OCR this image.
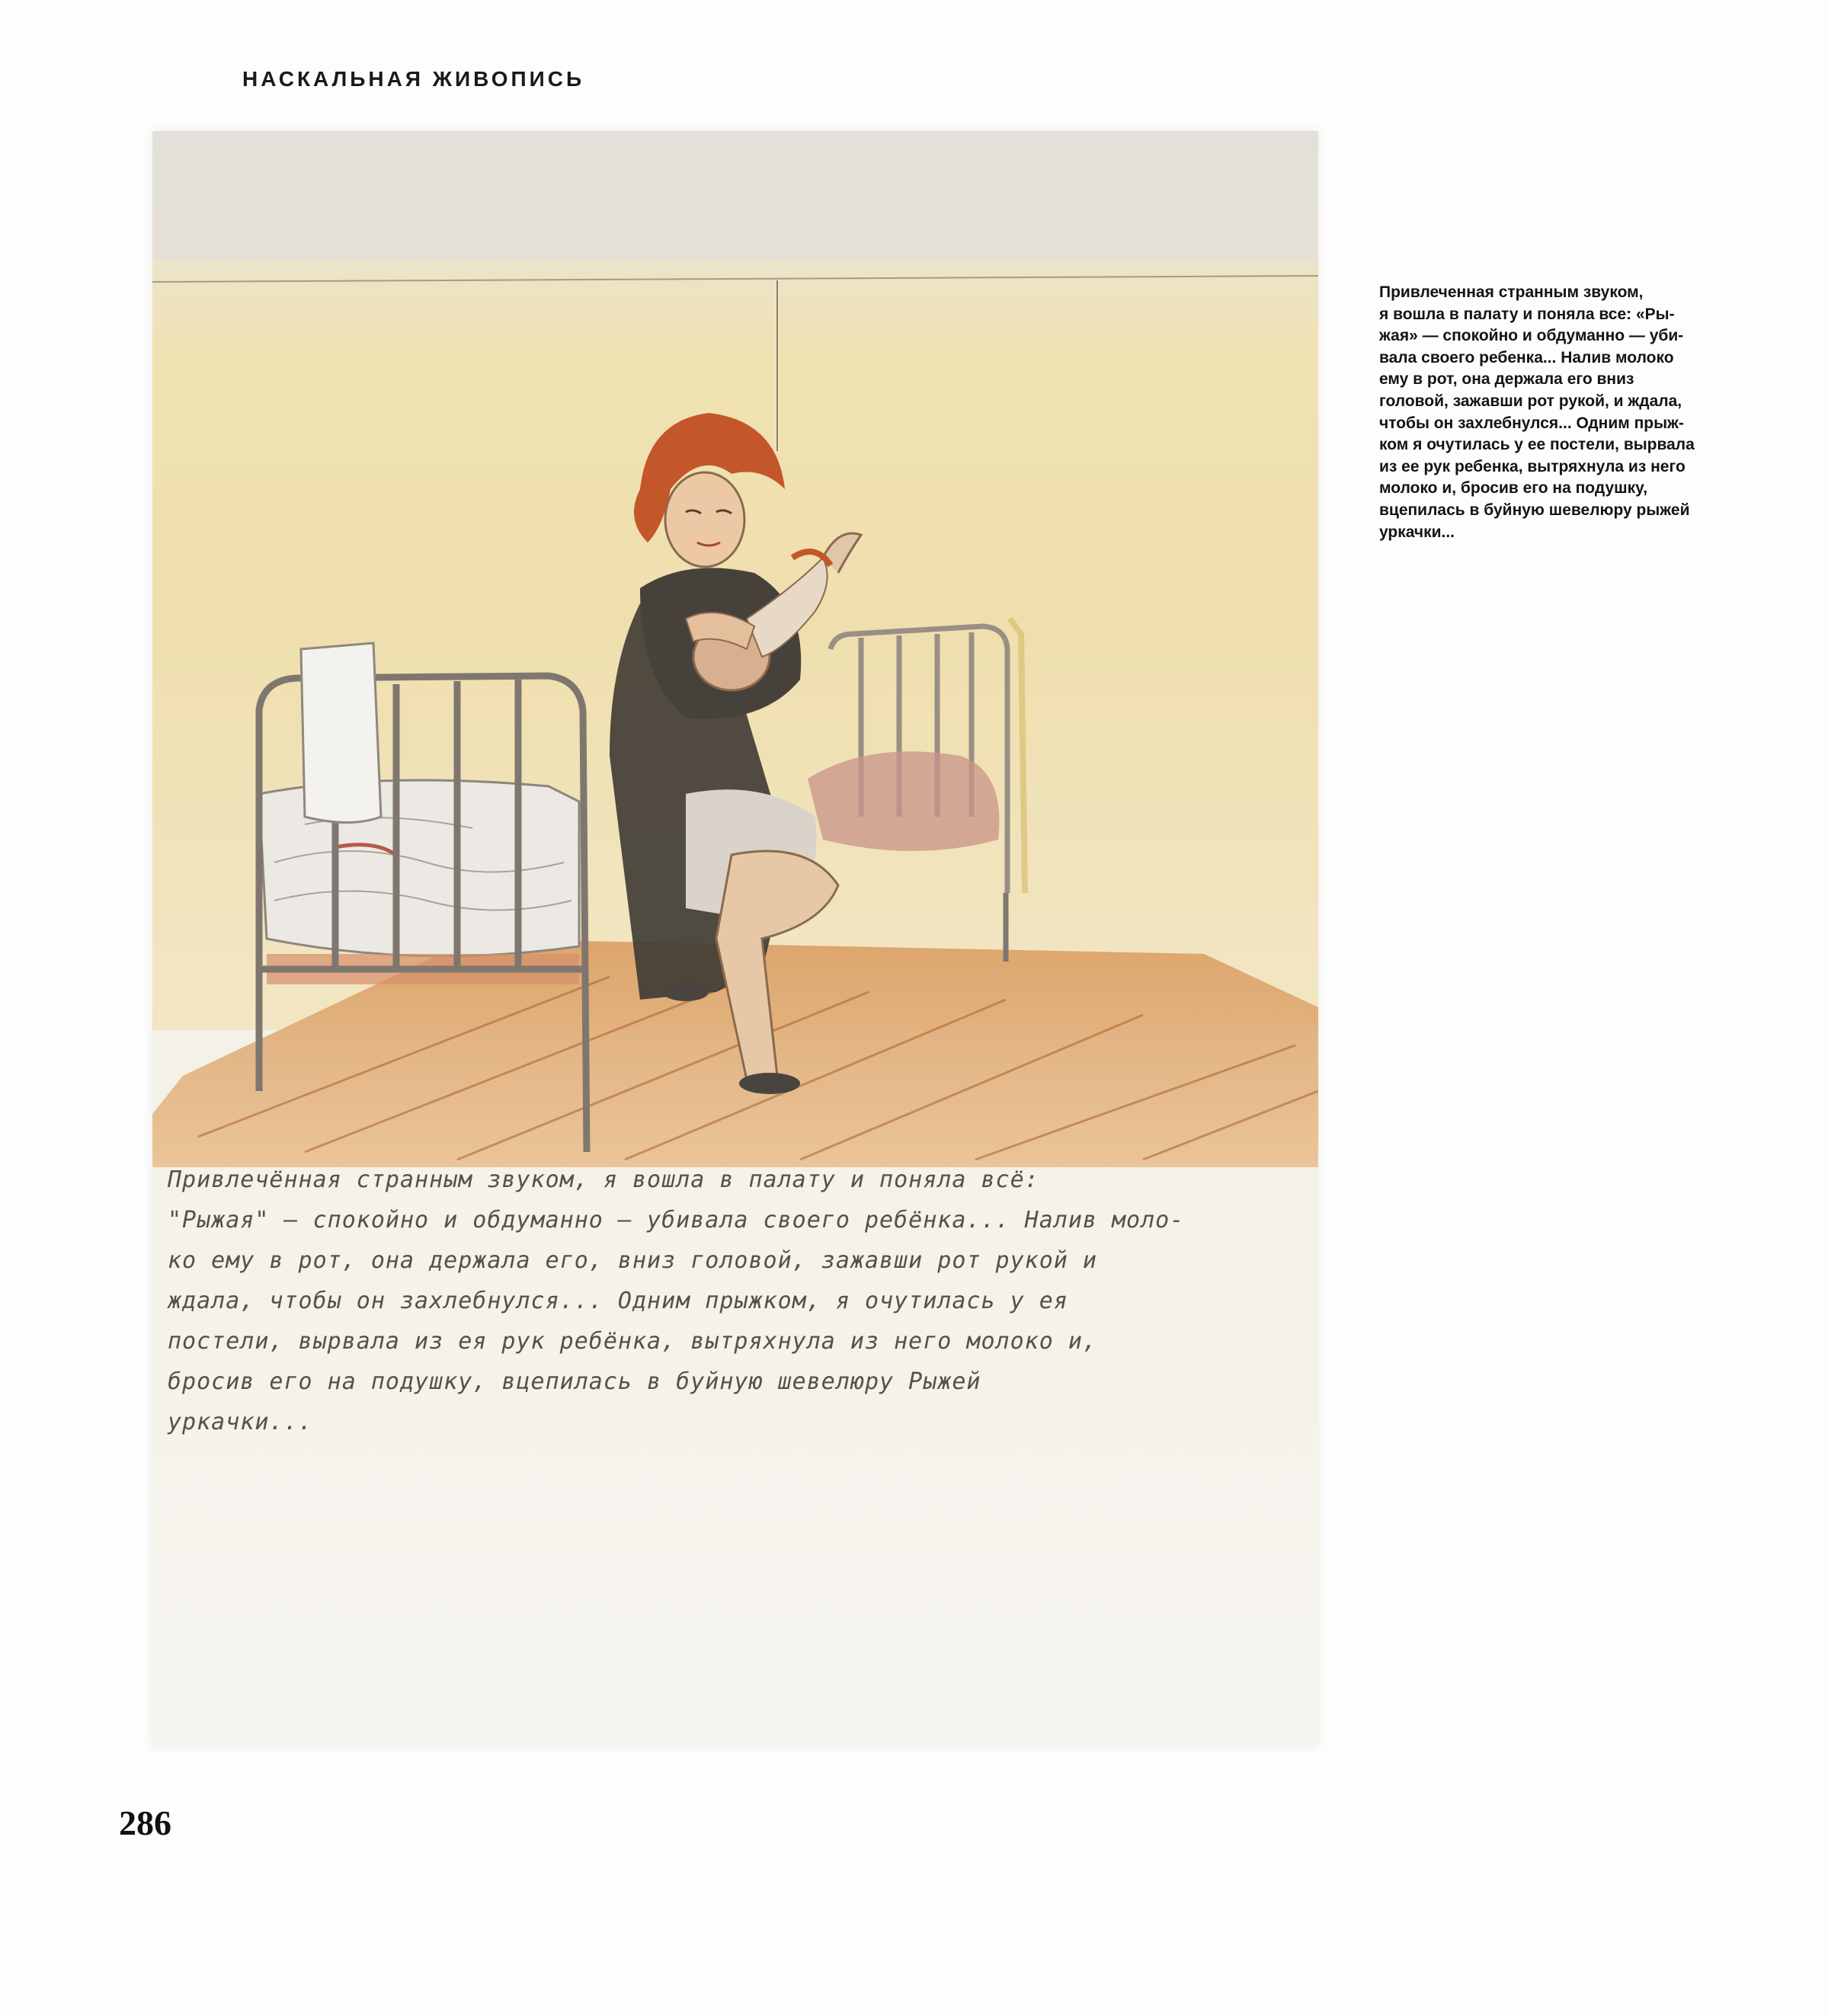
НАСКАЛЬНАЯ ЖИВОПИСЬ
Привлечённая странным звуком, я вошла в палату и поняла всё:
"Рыжая" — спокойно и обдуманно — убивала своего ребёнка... Налив моло-
ко ему в рот, она держала его, вниз головой, зажавши рот рукой и
ждала, чтобы он захлебнулся... Одним прыжком, я очутилась у ея
постели, вырвала из ея рук ребёнка, вытряхнула из него молоко и,
бросив его на подушку, вцепилась в буйную шевелюру Рыжей
уркачки...
Привлеченная странным звуком,
я вошла в палату и поняла все: «Ры-
жая» — спокойно и обдуманно — уби-
вала своего ребенка... Налив молоко
ему в рот, она держала его вниз
головой, зажавши рот рукой, и ждала,
чтобы он захлебнулся... Одним прыж-
ком я очутилась у ее постели, вырвала
из ее рук ребенка, вытряхнула из него
молоко и, бросив его на подушку,
вцепилась в буйную шевелюру рыжей
уркачки...
286
